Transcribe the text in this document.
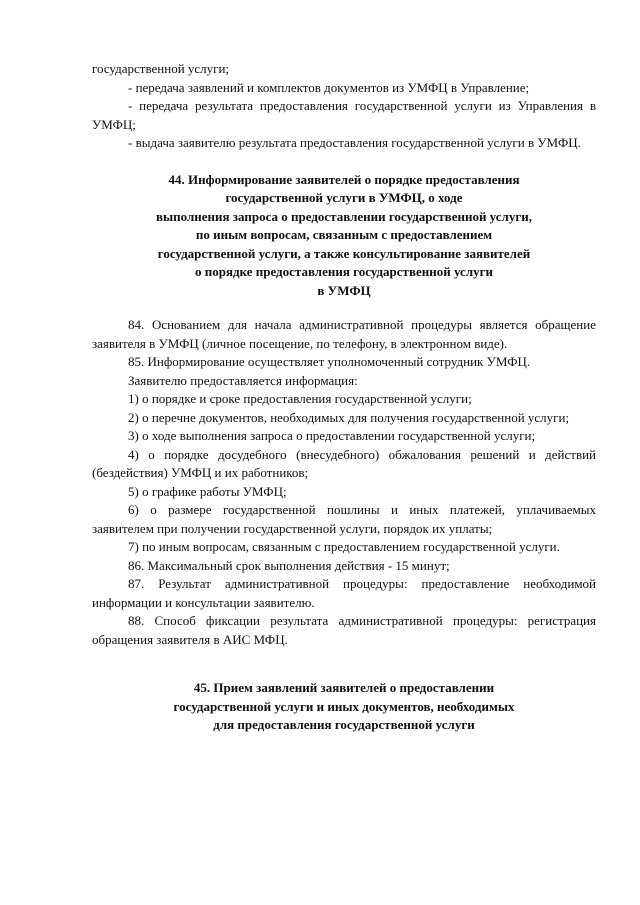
государственной услуги;

- передача заявлений и комплектов документов из УМФЦ в Управление;

- передача результата предоставления государственной услуги из Управления в УМФЦ;

- выдача заявителю результата предоставления государственной услуги в УМФЦ.

44. Информирование заявителей о порядке предоставления
государственной услуги в УМФЦ, о ходе
выполнения запроса о предоставлении государственной услуги,
по иным вопросам, связанным с предоставлением
государственной услуги, а также консультирование заявителей
о порядке предоставления государственной услуги
в УМФЦ

84. Основанием для начала административной процедуры является обращение заявителя в УМФЦ (личное посещение, по телефону, в электронном виде).

85. Информирование осуществляет уполномоченный сотрудник УМФЦ.

Заявителю предоставляется информация:

1) о порядке и сроке предоставления государственной услуги;

2) о перечне документов, необходимых для получения государственной услуги;

3) о ходе выполнения запроса о предоставлении государственной услуги;

4) о порядке досудебного (внесудебного) обжалования решений и действий (бездействия) УМФЦ и их работников;

5) о графике работы УМФЦ;

6) о размере государственной пошлины и иных платежей, уплачиваемых заявителем при получении государственной услуги, порядок их уплаты;

7) по иным вопросам, связанным с предоставлением государственной услуги.

86. Максимальный срок выполнения действия - 15 минут;

87. Результат административной процедуры: предоставление необходимой информации и консультации заявителю.

88. Способ фиксации результата административной процедуры: регистрация обращения заявителя в АИС МФЦ.

45. Прием заявлений заявителей о предоставлении
государственной услуги и иных документов, необходимых
для предоставления государственной услуги
